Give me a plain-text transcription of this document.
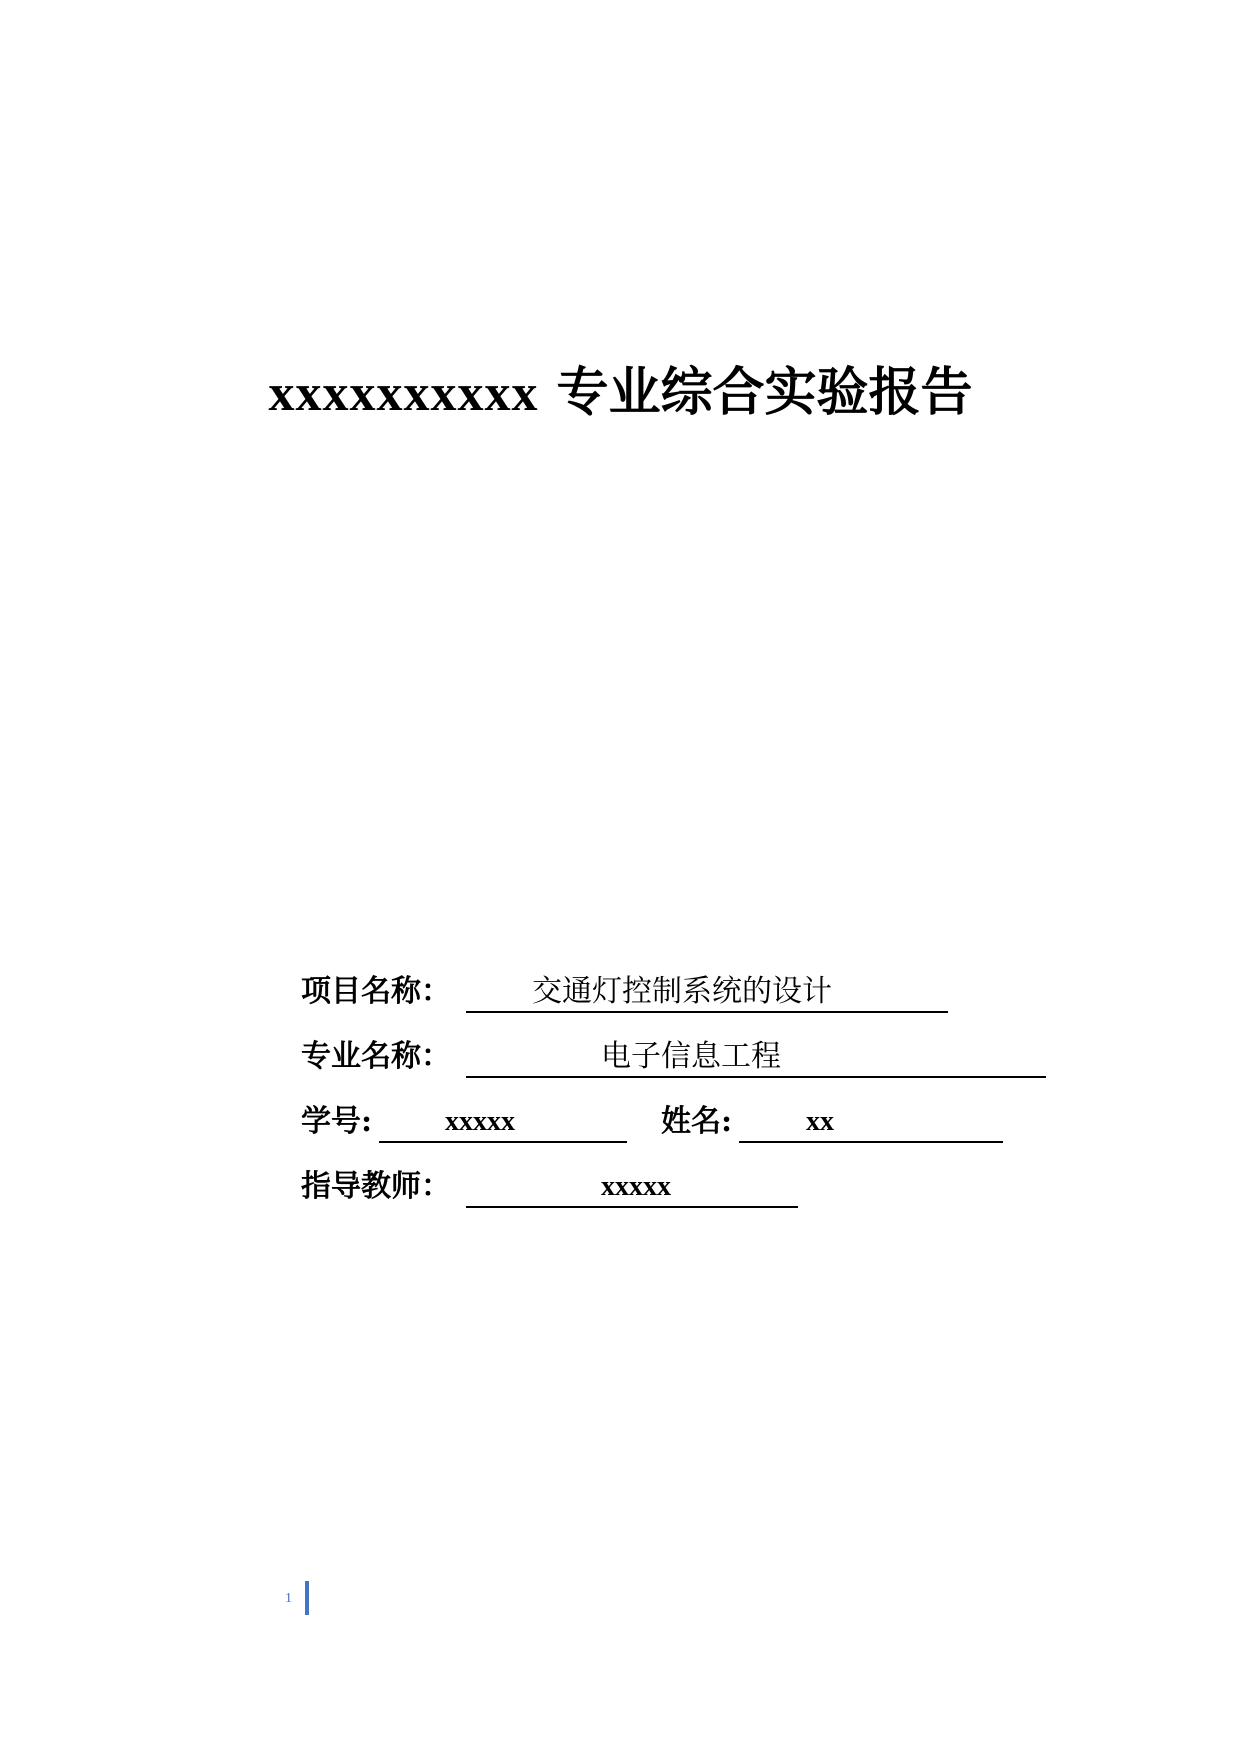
xxxxxxxxxx 专业综合实验报告
项目名称：	交通灯控制系统的设计
专业名称：	电子信息工程
学号:	xxxxx	姓名:	xx
指导教师：	xxxxx
1
